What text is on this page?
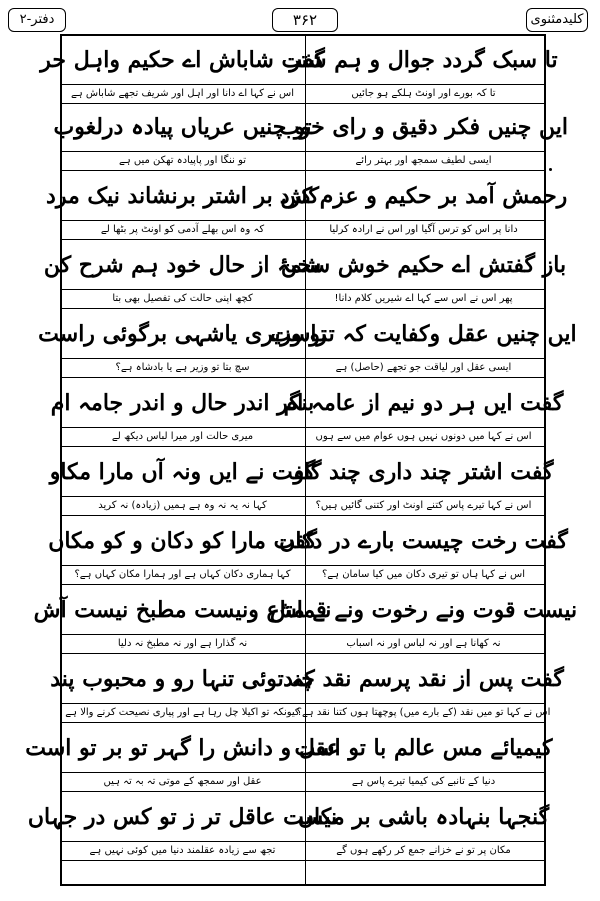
دفتر-۲	۳۶۲	کلیدمثنوی
تا سبک گردد جوال و ہم شتر
گفت شاباش اے حکیم واہل حر
تا کہ بورے اور اونٹ ہلکے ہو جائیں
اس نے کہا اے دانا اور اہل اور شریف تجھے شاباش ہے
ایں چنیں فکر دقیق و رای خوب
تو چنیں عریاں پیادہ درلغوب
ایسی لطیف سمجھ اور بہتر رائے
تو ننگا اور پاپیادہ تھکن میں ہے
رحمش آمد بر حکیم و عزم کرد
کش بر اشتر برنشاند نیک مرد
دانا پر اس کو ترس آگیا اور اس نے ارادہ کرلیا
کہ وہ اس بھلے آدمی کو اونٹ پر بٹھا لے
باز گفتش اے حکیم خوش سخن
شمۂ از حال خود ہم شرح کن
پھر اس نے اس سے کہا اے شیریں کلام دانا!
کچھ اپنی حالت کی تفصیل بھی بتا
ایں چنیں عقل وکفایت کہ تراست
تو وزیری یاشہی برگوئی راست
ایسی عقل اور لیاقت جو تجھے (حاصل) ہے
سچ بتا تو وزیر ہے یا بادشاہ ہے؟
گفت ایں ہر دو نیم از عامہ ام
بنگر اندر حال و اندر جامہ ام
اس نے کہا میں دونوں نہیں ہوں عوام میں سے ہوں
میری حالت اور میرا لباس دیکھ لے
گفت اشتر چند داری چند گاو
گفت نے ایں ونہ آں مارا مکاو
اس نے کہا تیرے پاس کتنے اونٹ اور کتنی گائیں ہیں؟
کہا نہ یہ نہ وہ ہے ہمیں (زیادہ) نہ کرید
گفت رخت چیست بارے در دکاں
گفت مارا کو دکان و کو مکاں
اس نے کہا ہاں تو تیری دکان میں کیا سامان ہے؟
کہا ہماری دکان کہاں ہے اور ہمارا مکان کہاں ہے؟
نیست قوت ونے رخوت ونے قماش
نے متاع ونیست مطبخ نیست آش
نہ کھانا ہے اور نہ لباس اور نہ اسباب
نہ گذارا ہے اور نہ مطبخ نہ دلیا
گفت پس از نقد پرسم نقد چند
کہ توئی تنہا رو و محبوب پند
اس نے کہا تو میں نقد (کے بارے میں) پوچھتا ہوں کتنا نقد ہے؟
کیونکہ تو اکیلا چل رہا ہے اور پیاری نصیحت کرنے والا ہے
کیمیائے مس عالم با تو است
عقل و دانش را گہر تو بر تو است
دنیا کے تانبے کی کیمیا تیرے پاس ہے
عقل اور سمجھ کے موتی تہ بہ تہ ہیں
گنجہا بنہادہ باشی بر مکاں
نیست عاقل تر ز تو کس در جہاں
مکان پر تو نے خزانے جمع کر رکھے ہوں گے
تجھ سے زیادہ عقلمند دنیا میں کوئی نہیں ہے
